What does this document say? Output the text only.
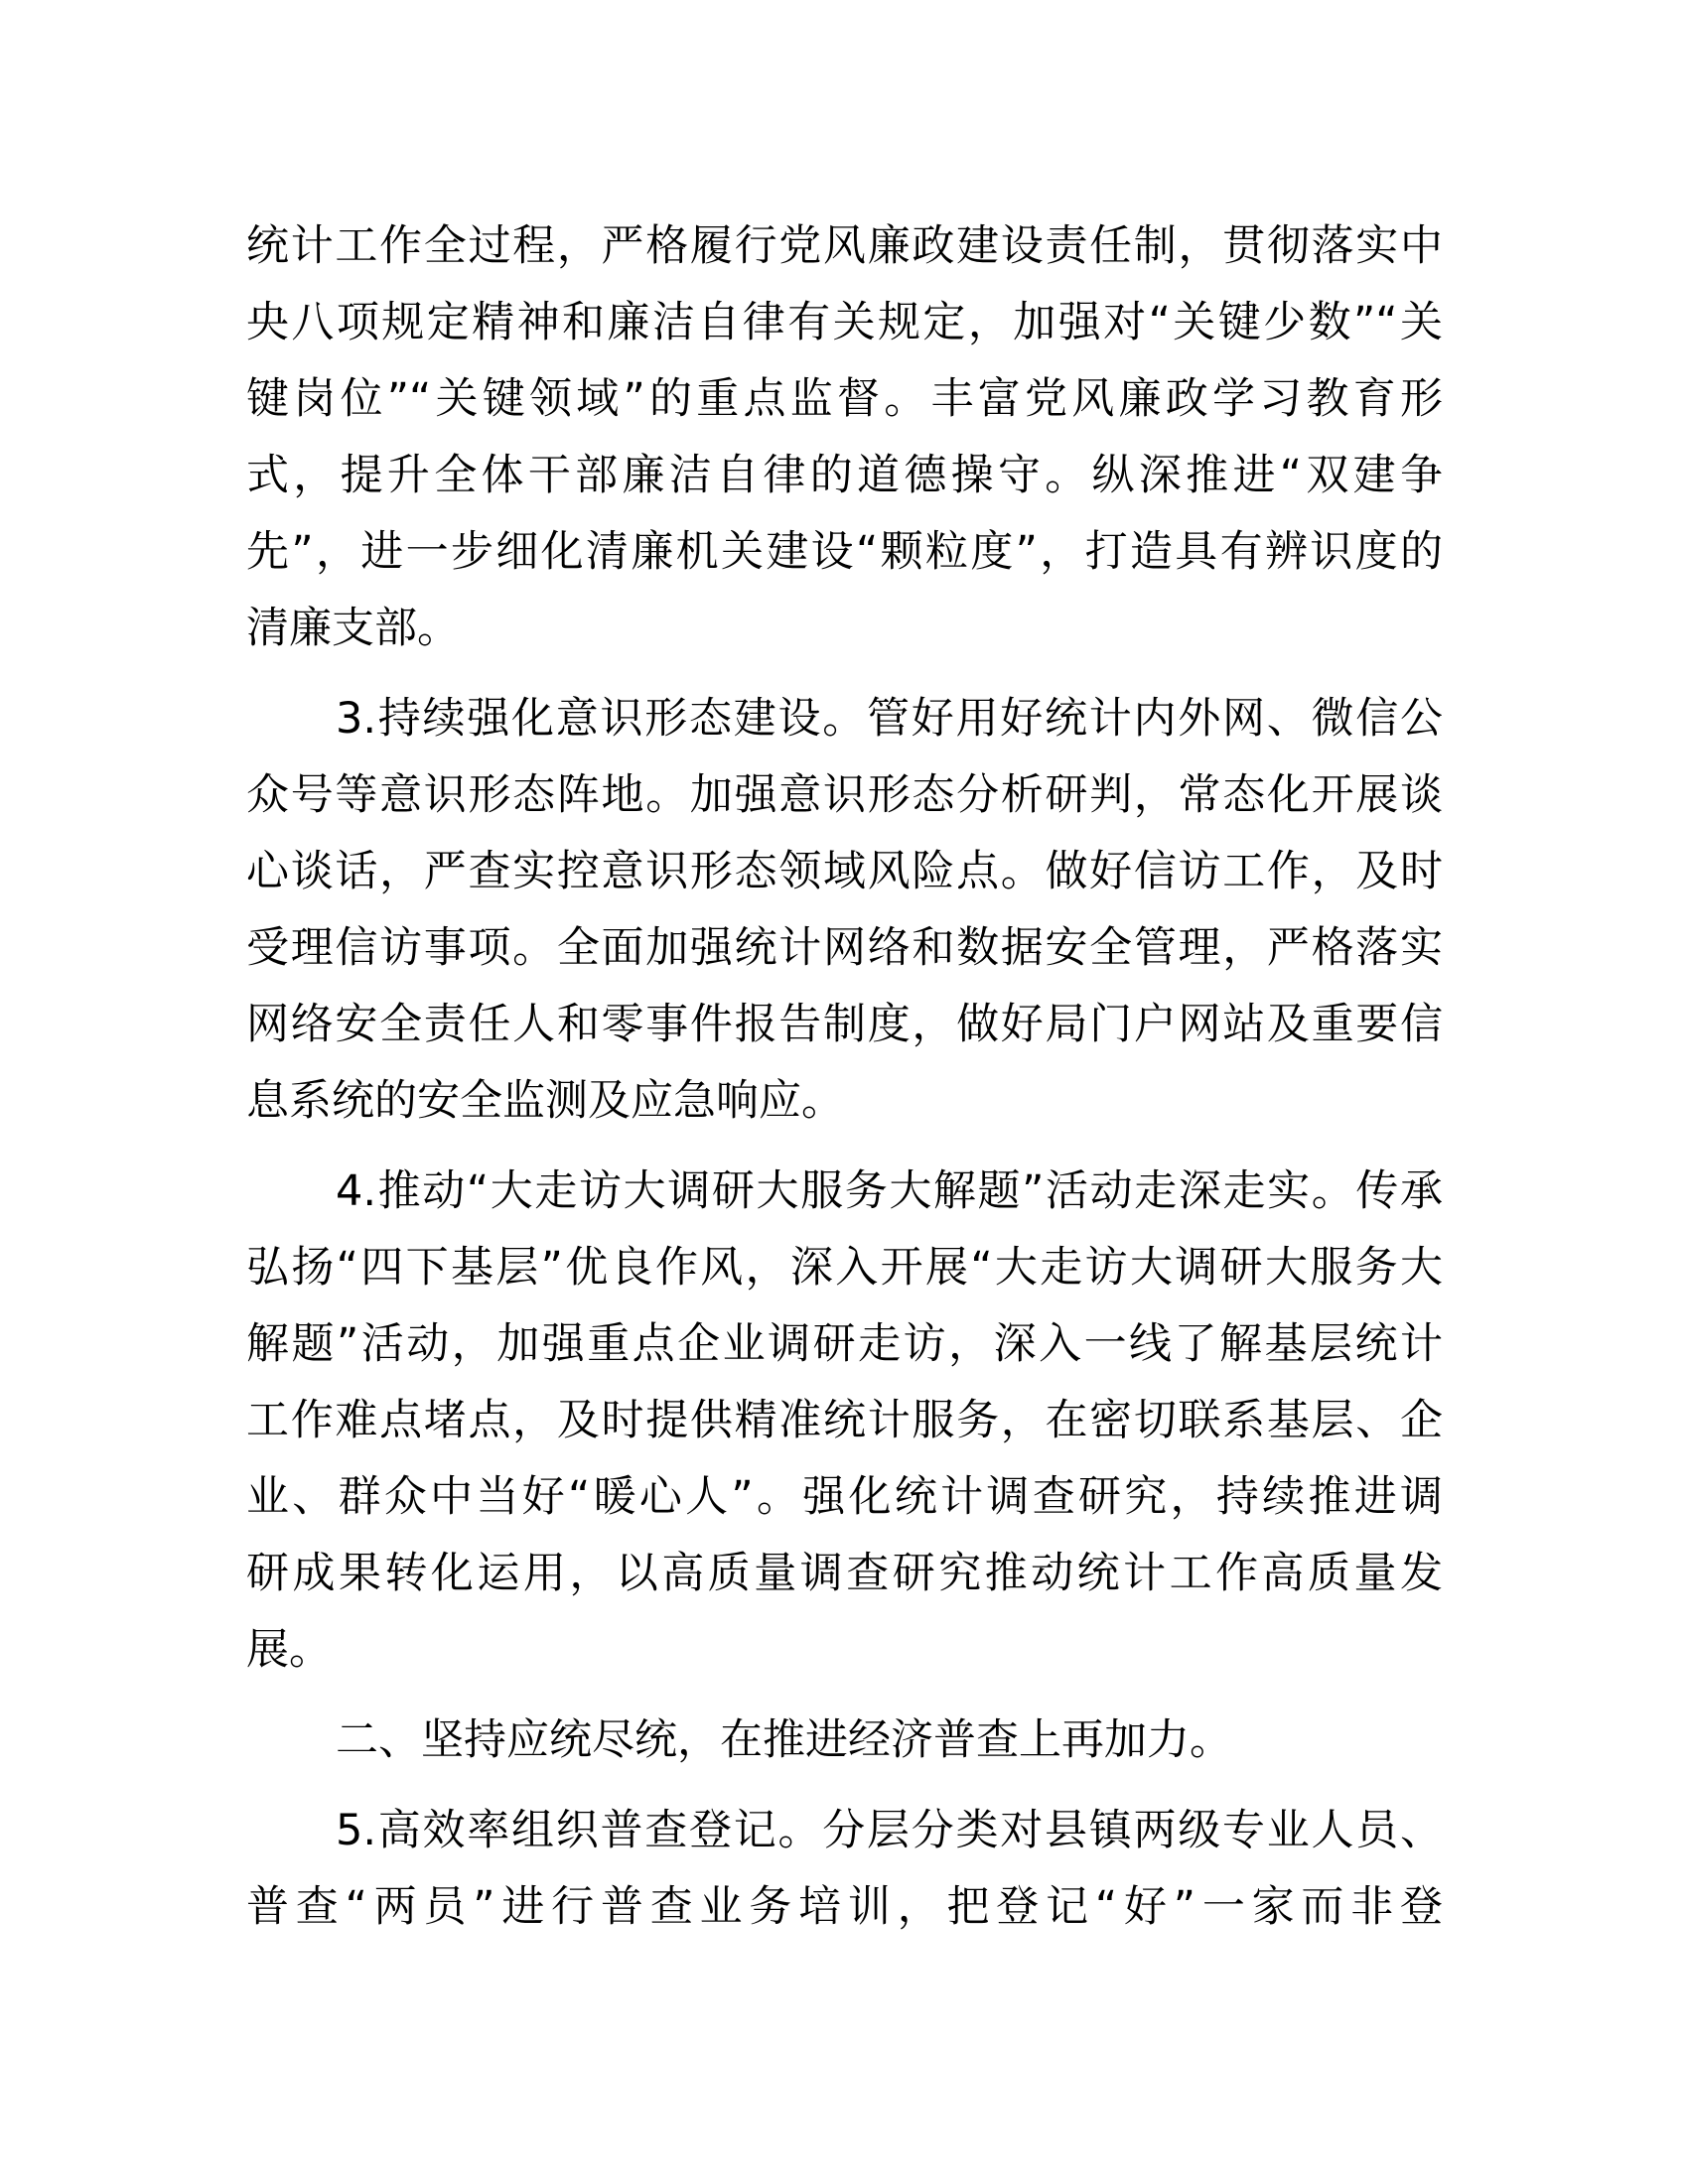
统计工作全过程，严格履行党风廉政建设责任制，贯彻落实中
央八项规定精神和廉洁自律有关规定，加强对“关键少数”“关
键岗位”“关键领域”的重点监督。丰富党风廉政学习教育形
式，提升全体干部廉洁自律的道德操守。纵深推进“双建争
先”，进一步细化清廉机关建设“颗粒度”，打造具有辨识度的
清廉支部。
3.持续强化意识形态建设。管好用好统计内外网、微信公
众号等意识形态阵地。加强意识形态分析研判，常态化开展谈
心谈话，严查实控意识形态领域风险点。做好信访工作，及时
受理信访事项。全面加强统计网络和数据安全管理，严格落实
网络安全责任人和零事件报告制度，做好局门户网站及重要信
息系统的安全监测及应急响应。
4.推动“大走访大调研大服务大解题”活动走深走实。传承
弘扬“四下基层”优良作风，深入开展“大走访大调研大服务大
解题”活动，加强重点企业调研走访，深入一线了解基层统计
工作难点堵点，及时提供精准统计服务，在密切联系基层、企
业、群众中当好“暖心人”。强化统计调查研究，持续推进调
研成果转化运用，以高质量调查研究推动统计工作高质量发
展。
二、坚持应统尽统，在推进经济普查上再加力。
5.高效率组织普查登记。分层分类对县镇两级专业人员、
普查“两员”进行普查业务培训，把登记“好”一家而非登
